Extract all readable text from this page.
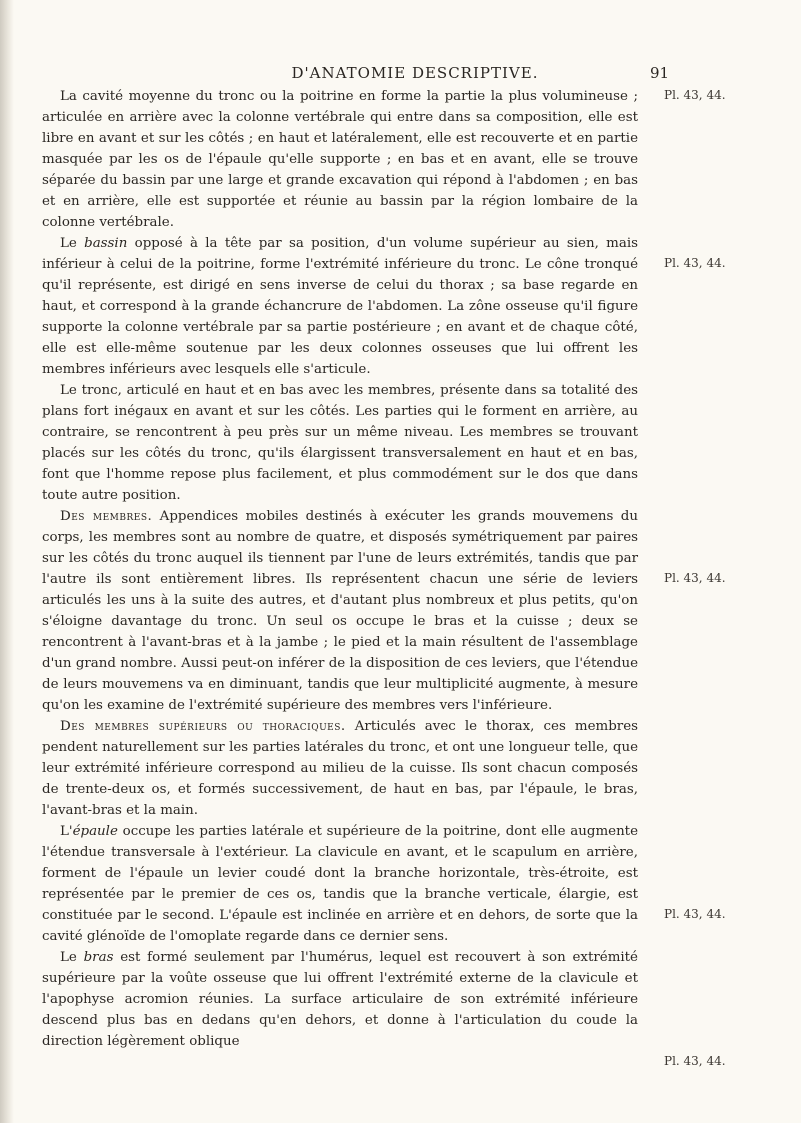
D'ANATOMIE DESCRIPTIVE.	91

La cavité moyenne du tronc ou la poitrine en forme la partie la plus volumineuse ; articulée en arrière avec la colonne vertébrale qui entre dans sa composition, elle est libre en avant et sur les côtés ; en haut et latéralement, elle est recouverte et en partie masquée par les os de l'épaule qu'elle supporte ; en bas et en avant, elle se trouve séparée du bassin par une large et grande excavation qui répond à l'abdomen ; en bas et en arrière, elle est supportée et réunie au bassin par la région lombaire de la colonne vertébrale.

Le bassin opposé à la tête par sa position, d'un volume supérieur au sien, mais inférieur à celui de la poitrine, forme l'extrémité inférieure du tronc. Le cône tronqué qu'il représente, est dirigé en sens inverse de celui du thorax ; sa base regarde en haut, et correspond à la grande échancrure de l'abdomen. La zône osseuse qu'il figure supporte la colonne vertébrale par sa partie postérieure ; en avant et de chaque côté, elle est elle-même soutenue par les deux colonnes osseuses que lui offrent les membres inférieurs avec lesquels elle s'articule.

Le tronc, articulé en haut et en bas avec les membres, présente dans sa totalité des plans fort inégaux en avant et sur les côtés. Les parties qui le forment en arrière, au contraire, se rencontrent à peu près sur un même niveau. Les membres se trouvant placés sur les côtés du tronc, qu'ils élargissent transversalement en haut et en bas, font que l'homme repose plus facilement, et plus commodément sur le dos que dans toute autre position.

Des membres. Appendices mobiles destinés à exécuter les grands mouvemens du corps, les membres sont au nombre de quatre, et disposés symétriquement par paires sur les côtés du tronc auquel ils tiennent par l'une de leurs extrémités, tandis que par l'autre ils sont entièrement libres. Ils représentent chacun une série de leviers articulés les uns à la suite des autres, et d'autant plus nombreux et plus petits, qu'on s'éloigne davantage du tronc. Un seul os occupe le bras et la cuisse ; deux se rencontrent à l'avant-bras et à la jambe ; le pied et la main résultent de l'assemblage d'un grand nombre. Aussi peut-on inférer de la disposition de ces leviers, que l'étendue de leurs mouvemens va en diminuant, tandis que leur multiplicité augmente, à mesure qu'on les examine de l'extrémité supérieure des membres vers l'inférieure.

Des membres supérieurs ou thoraciques. Articulés avec le thorax, ces membres pendent naturellement sur les parties latérales du tronc, et ont une longueur telle, que leur extrémité inférieure correspond au milieu de la cuisse. Ils sont chacun composés de trente-deux os, et formés successivement, de haut en bas, par l'épaule, le bras, l'avant-bras et la main.

L'épaule occupe les parties latérale et supérieure de la poitrine, dont elle augmente l'étendue transversale à l'extérieur. La clavicule en avant, et le scapulum en arrière, forment de l'épaule un levier coudé dont la branche horizontale, très-étroite, est représentée par le premier de ces os, tandis que la branche verticale, élargie, est constituée par le second. L'épaule est inclinée en arrière et en dehors, de sorte que la cavité glénoïde de l'omoplate regarde dans ce dernier sens.

Le bras est formé seulement par l'humérus, lequel est recouvert à son extrémité supérieure par la voûte osseuse que lui offrent l'extrémité externe de la clavicule et l'apophyse acromion réunies. La surface articulaire de son extrémité inférieure descend plus bas en dedans qu'en dehors, et donne à l'articulation du coude la direction légèrement oblique

Pl. 43, 44.
Pl. 43, 44.
Pl. 43, 44.
Pl. 43, 44.
Pl. 43, 44.
